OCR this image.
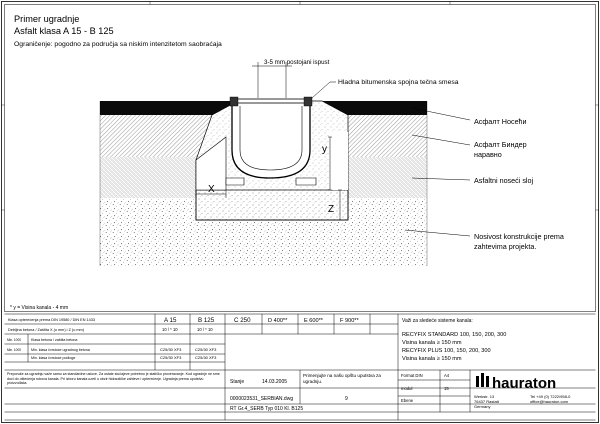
Primer ugradnje
Asfalt klasa A 15 - B 125
Ograničenje: pogodno za područja sa niskim intenzitetom saobraćaja
X
y
Z
3-5 mm postojani ispust
Hladna bitumenska spojna tečna smesa
Асфалт Носећи
Асфалт Биндер
наравно
Asfaltni noseći sloj
Nosivost konstrukcije prema
zahtevima projekta.
* y = Visina kanala - 4 mm
Klasa opterećenja prema DIN 19580 / DIN EN 1433	A 15	B 125	C 250	D 400**	E 600**	F 900**
Debljina betona / Zaštita X (u mm) i Z (u mm)	10 / * 10	10 / * 10
Min. 1000
Min. 1000
Klasa betona / zaštita betona
Min. klasa čvrstoće ugradnog betona	C25/30 XF3	C25/30 XF3
Min. klasa čvrstoće podloge	C25/30 XF3	C25/30 XF3
Stanje	14.03.2005
0000023531_SERBIAN.dwg	9
RT Gr.4_SERB Typ 010 Kl. B125
Važi za sledeće sisteme kanala:
RECYFIX STANDARD 100, 150, 200, 300
Visina kanala ≥ 150 mm
RECYFIX PLUS 100, 150, 200, 300
Visina kanala ≥ 150 mm
Format DIN	A4
modul	15
Ebene
Werkstr. 13
76437 Rastatt
Germany
Tel +49 (0) 7222/958-0
office@hauraton.com
hauraton
Preporuke za ugradnju važe samo za standardne uslove. Za ostale slučajeve potrebno je statičko proveravanje. Kod ugradnje ne sme doći do oštećenja rubova kanala. Pri izboru kanala uzeti u obzir hidrauličke zahteve i opterećenje. Ugradnja prema uputstvu proizvođača.
Primenjujte na našu opštu uputstva za ugradnju.
